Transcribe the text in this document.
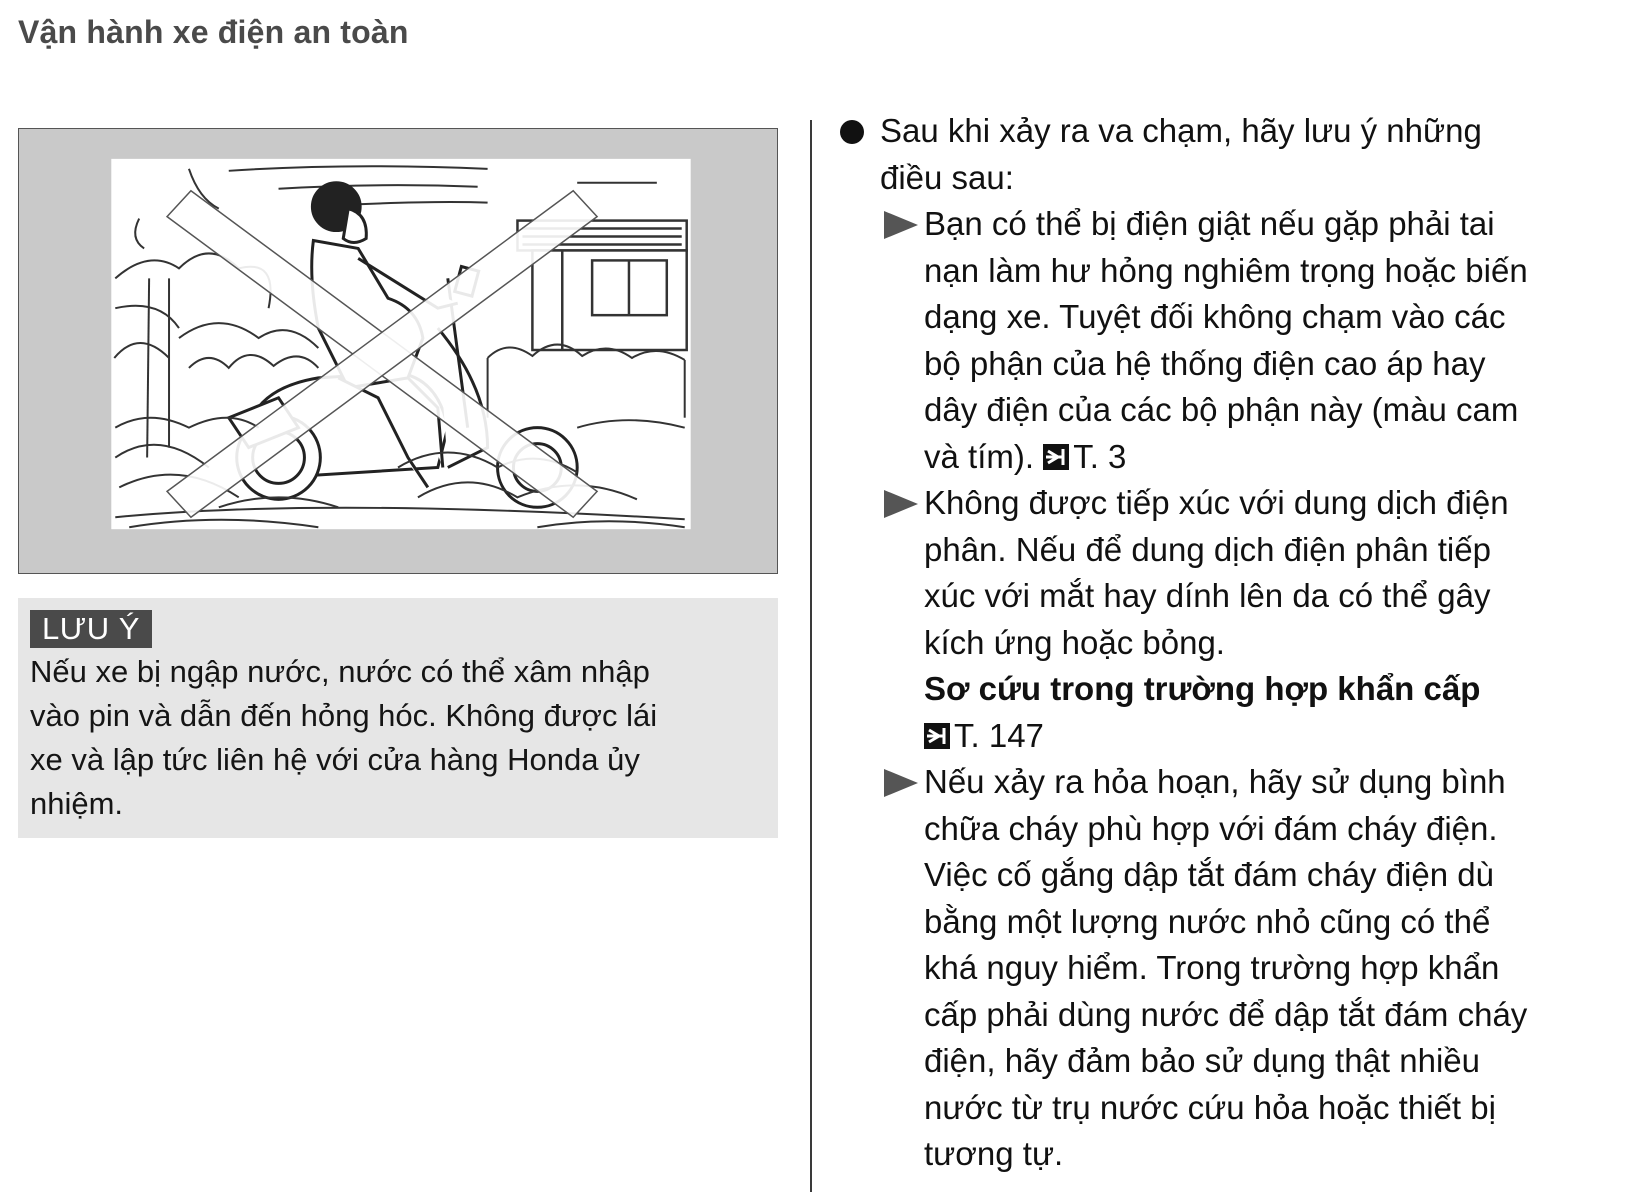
Vận hành xe điện an toàn
LƯU Ý
Nếu xe bị ngập nước, nước có thể xâm nhập
vào pin và dẫn đến hỏng hóc. Không được lái
xe và lập tức liên hệ với cửa hàng Honda ủy
nhiệm.
Sau khi xảy ra va chạm, hãy lưu ý những
điều sau:
Bạn có thể bị điện giật nếu gặp phải tai
nạn làm hư hỏng nghiêm trọng hoặc biến
dạng xe. Tuyệt đối không chạm vào các
bộ phận của hệ thống điện cao áp hay
dây điện của các bộ phận này (màu cam
và tím).
T. 3
Không được tiếp xúc với dung dịch điện
phân. Nếu để dung dịch điện phân tiếp
xúc với mắt hay dính lên da có thể gây
kích ứng hoặc bỏng.
Sơ cứu trong trường hợp khẩn cấp
T. 147
Nếu xảy ra hỏa hoạn, hãy sử dụng bình
chữa cháy phù hợp với đám cháy điện.
Việc cố gắng dập tắt đám cháy điện dù
bằng một lượng nước nhỏ cũng có thể
khá nguy hiểm. Trong trường hợp khẩn
cấp phải dùng nước để dập tắt đám cháy
điện, hãy đảm bảo sử dụng thật nhiều
nước từ trụ nước cứu hỏa hoặc thiết bị
tương tự.
